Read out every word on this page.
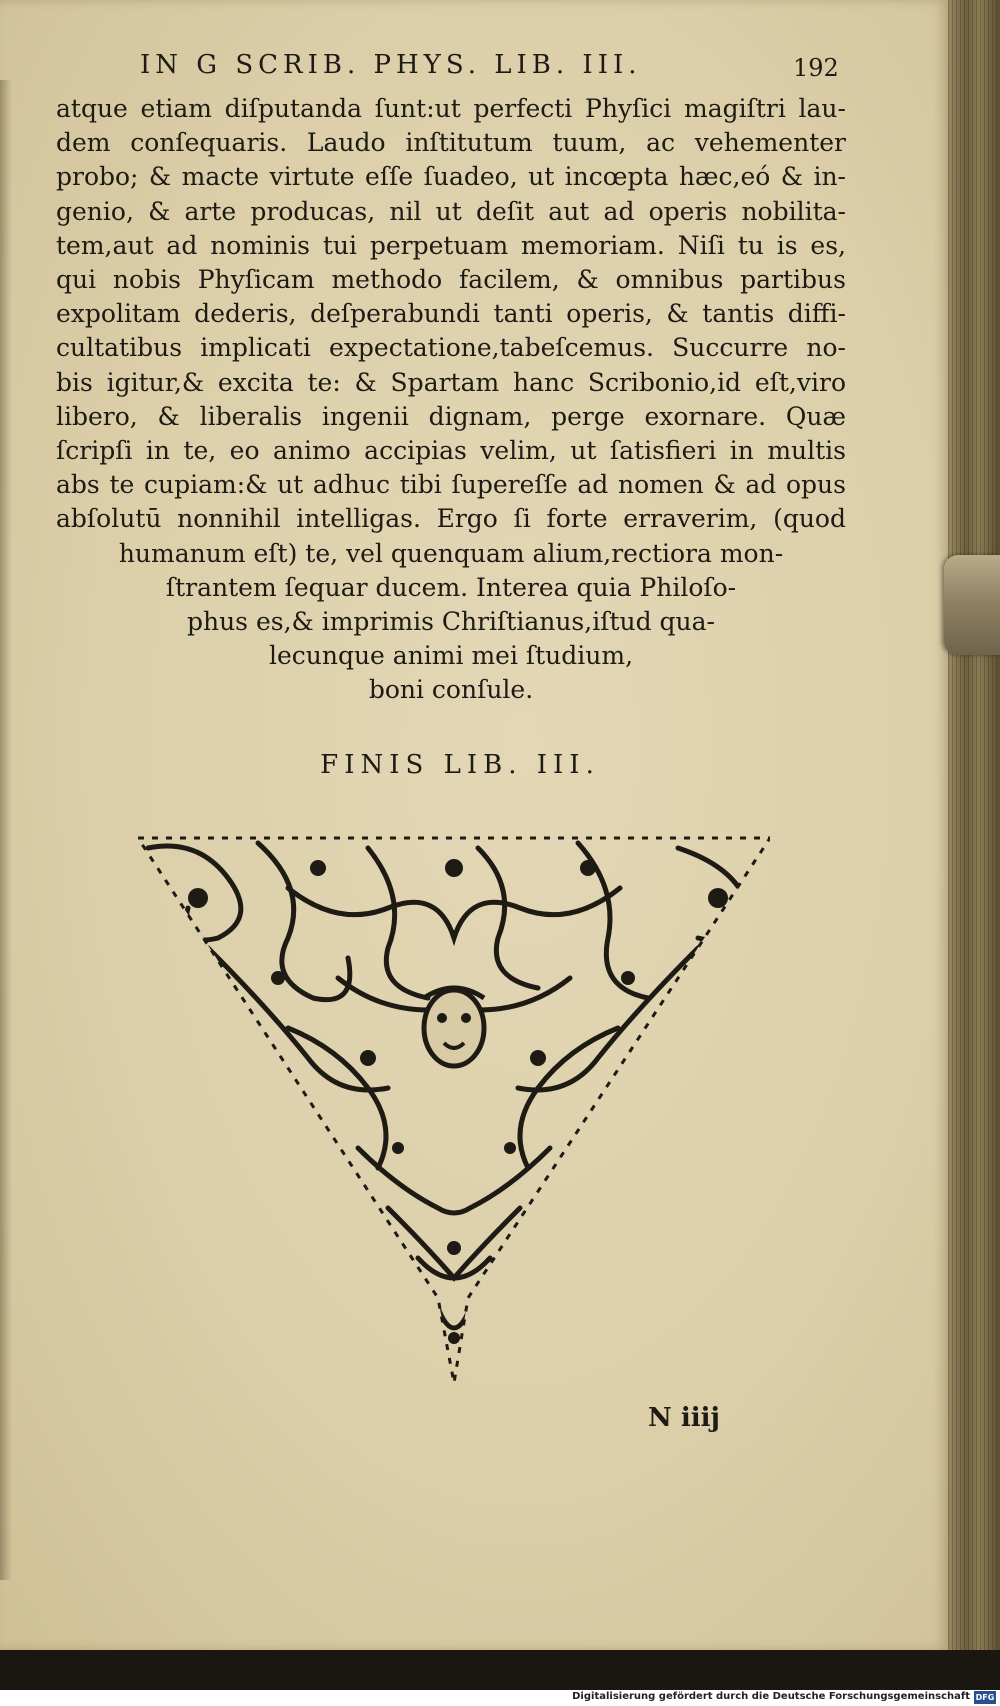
IN G SCRIB. PHYS. LIB. III.	192
atque etiam diſputanda ſunt:ut perfecti Phyſici magiſtri lau-
dem conſequaris. Laudo inſtitutum tuum, ac vehementer
probo; & macte virtute eſſe ſuadeo, ut incœpta hæc,eó & in-
genio, & arte producas, nil ut deſit aut ad operis nobilita-
tem,aut ad nominis tui perpetuam memoriam. Niſi tu is es,
qui nobis Phyſicam methodo facilem, & omnibus partibus
expolitam dederis, deſperabundi tanti operis, & tantis diffi-
cultatibus implicati expectatione,tabeſcemus. Succurre no-
bis igitur,& excita te: & Spartam hanc Scribonio,id eſt,viro
libero, & liberalis ingenii dignam, perge exornare. Quæ
ſcripſi in te, eo animo accipias velim, ut ſatisfieri in multis
abs te cupiam:& ut adhuc tibi ſupereſſe ad nomen & ad opus
abſolutū nonnihil intelligas. Ergo ſi forte erraverim, (quod
humanum eſt) te, vel quenquam alium,rectiora mon-
ſtrantem ſequar ducem. Interea quia Philoſo-
phus es,& imprimis Chriſtianus,iſtud qua-
lecunque animi mei ſtudium,
boni conſule.
FINIS LIB. III.
N iiij
Digitalisierung gefördert durch die Deutsche Forschungsgemeinschaft DFG
